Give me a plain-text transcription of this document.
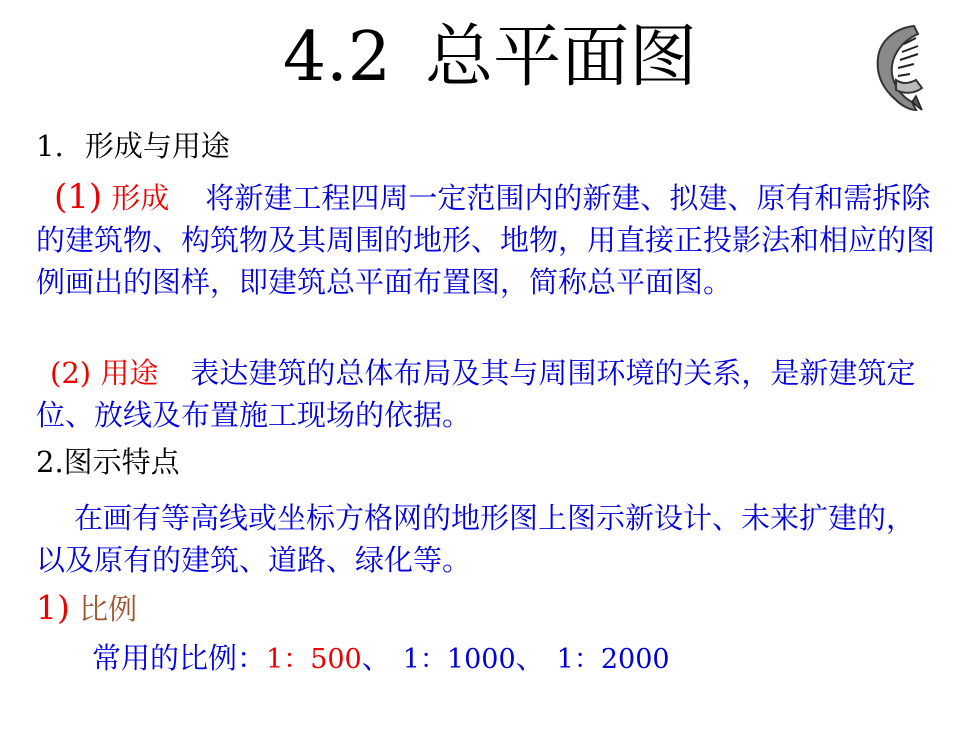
4.2 总平面图
1. 形成与用途
(1) 形成 将新建工程四周一定范围内的新建、拟建、原有和需拆除的建筑物、构筑物及其周围的地形、地物，用直接正投影法和相应的图例画出的图样，即建筑总平面布置图，简称总平面图。
(2) 用途 表达建筑的总体布局及其与周围环境的关系，是新建筑定位、放线及布置施工现场的依据。
2.图示特点
在画有等高线或坐标方格网的地形图上图示新设计、未来扩建的，以及原有的建筑、道路、绿化等。
1) 比例
常用的比例：1：500、 1：1000、 1：2000
